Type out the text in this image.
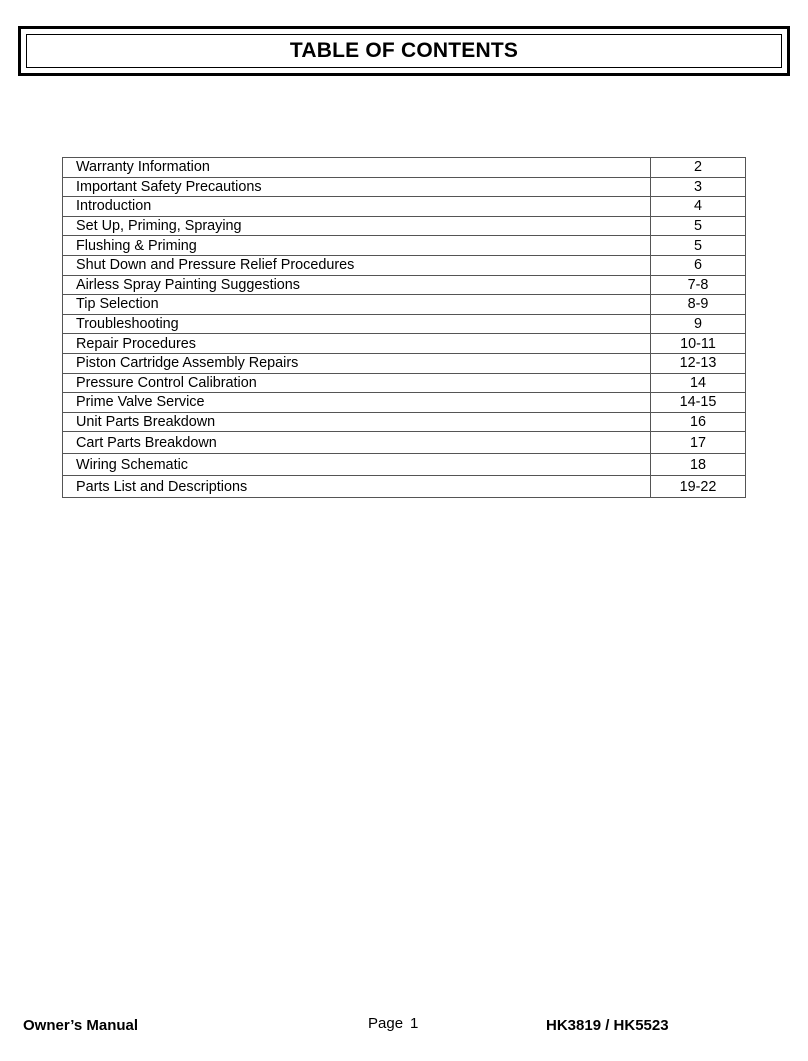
TABLE OF CONTENTS
Warranty Information	2
Important Safety Precautions	3
Introduction	4
Set Up, Priming, Spraying	5
Flushing & Priming	5
Shut Down and Pressure Relief Procedures	6
Airless Spray Painting Suggestions	7-8
Tip Selection	8-9
Troubleshooting	9
Repair Procedures	10-11
Piston Cartridge Assembly Repairs	12-13
Pressure Control Calibration	14
Prime Valve Service	14-15
Unit Parts Breakdown	16
Cart Parts Breakdown	17
Wiring Schematic	18
Parts List and Descriptions	19-22
Owner’s Manual	Page 1	HK3819 / HK5523
